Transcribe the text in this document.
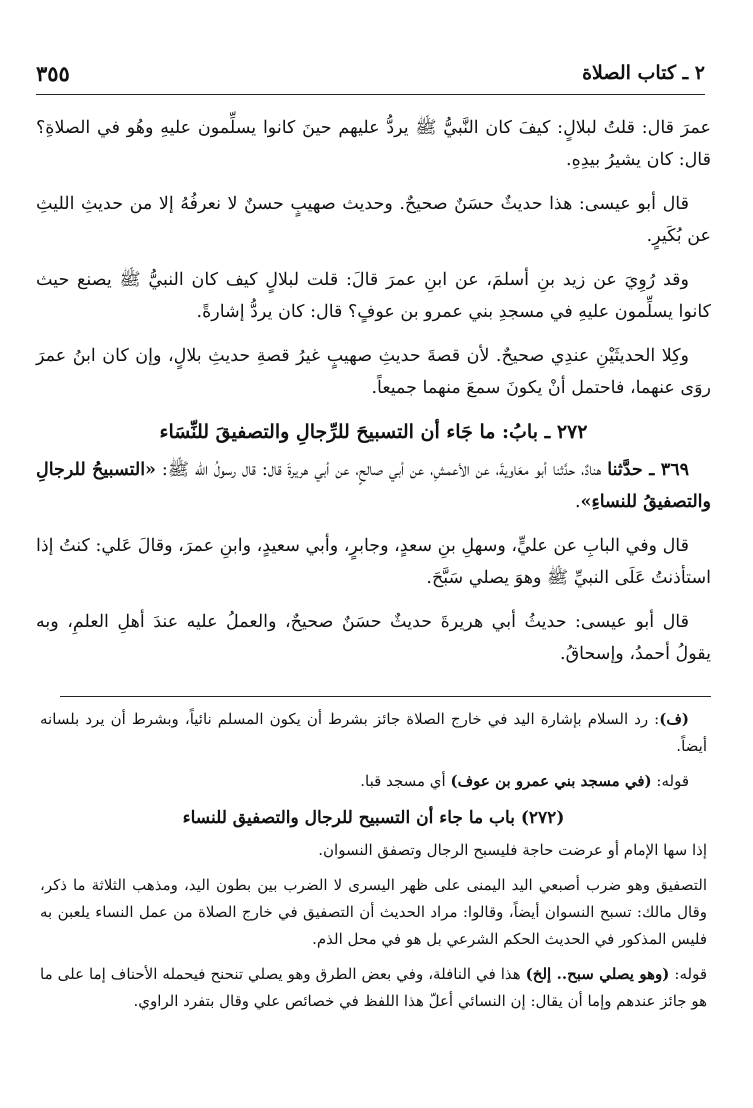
٢ ـ كتاب الصلاة
٣٥٥

عمرَ قال: قلتُ لبلالٍ: كيفَ كان النَّبيُّ ﷺ يردُّ عليهم حينَ كانوا يسلِّمون عليهِ وهُو في الصلاةِ؟ قال: كان يشيرُ بيدِهِ.

قال أبو عيسى: هذا حديثٌ حسَنٌ صحيحٌ. وحديث صهيبٍ حسنٌ لا نعرفُهُ إلا من حديثِ الليثِ عن بُكَيرٍ.

وقد رُوِيَ عن زيد بنِ أسلمَ، عن ابنِ عمرَ قالَ: قلت لبلالٍ كيف كان النبيُّ ﷺ يصنع حيث كانوا يسلِّمون عليهِ في مسجدِ بني عمرو بن عوفٍ؟ قال: كان يردُّ إشارةً.

وكِلا الحديثَيْنِ عندِي صحيحٌ. لأن قصةَ حديثِ صهيبٍ غيرُ قصةِ حديثِ بلالٍ، وإن كان ابنُ عمرَ روَى عنهما، فاحتمل أنْ يكونَ سمعَ منهما جميعاً.

٢٧٢ ـ بابُ: ما جَاء أن التسبيحَ للرِّجالِ والتصفيقَ للنِّسَاء

٣٦٩ ـ حدَّثنا هنادٌ، حدَّثنا أبو معَاويةَ، عن الأعمشِ، عن أبي صالحٍ، عن أبي هريرةَ قال: قال رسولُ الله ﷺ: «التسبيحُ للرجالِ والتصفيقُ للنساءِ».

قال وفي البابِ عن عليٍّ، وسهلِ بنِ سعدٍ، وجابرٍ، وأبي سعيدٍ، وابنِ عمرَ، وقالَ عَلي: كنتُ إذا استأذنتُ عَلَى النبيِّ ﷺ وهوَ يصلي سَبَّحَ.

قال أبو عيسى: حديثُ أبي هريرةَ حديثٌ حسَنٌ صحيحٌ، والعملُ عليه عندَ أهلِ العلمِ، وبه يقولُ أحمدُ، وإسحاقُ.

(ف): رد السلام بإشارة اليد في خارج الصلاة جائز بشرط أن يكون المسلم نائياً، وبشرط أن يرد بلسانه أيضاً.

قوله: (في مسجد بني عمرو بن عوف) أي مسجد قبا.

(٢٧٢) باب ما جاء أن التسبيح للرجال والتصفيق للنساء

إذا سها الإمام أو عرضت حاجة فليسبح الرجال وتصفق النسوان.

التصفيق وهو ضرب أصبعي اليد اليمنى على ظهر اليسرى لا الضرب بين بطون اليد، ومذهب الثلاثة ما ذكر، وقال مالك: تسبح النسوان أيضاً، وقالوا: مراد الحديث أن التصفيق في خارج الصلاة من عمل النساء يلعبن به فليس المذكور في الحديث الحكم الشرعي بل هو في محل الذم.

قوله: (وهو يصلي سبح.. إلخ) هذا في النافلة، وفي بعض الطرق وهو يصلي تنحنح فيحمله الأحناف إما على ما هو جائز عندهم وإما أن يقال: إن النسائي أعلّ هذا اللفظ في خصائص علي وقال بتفرد الراوي.
